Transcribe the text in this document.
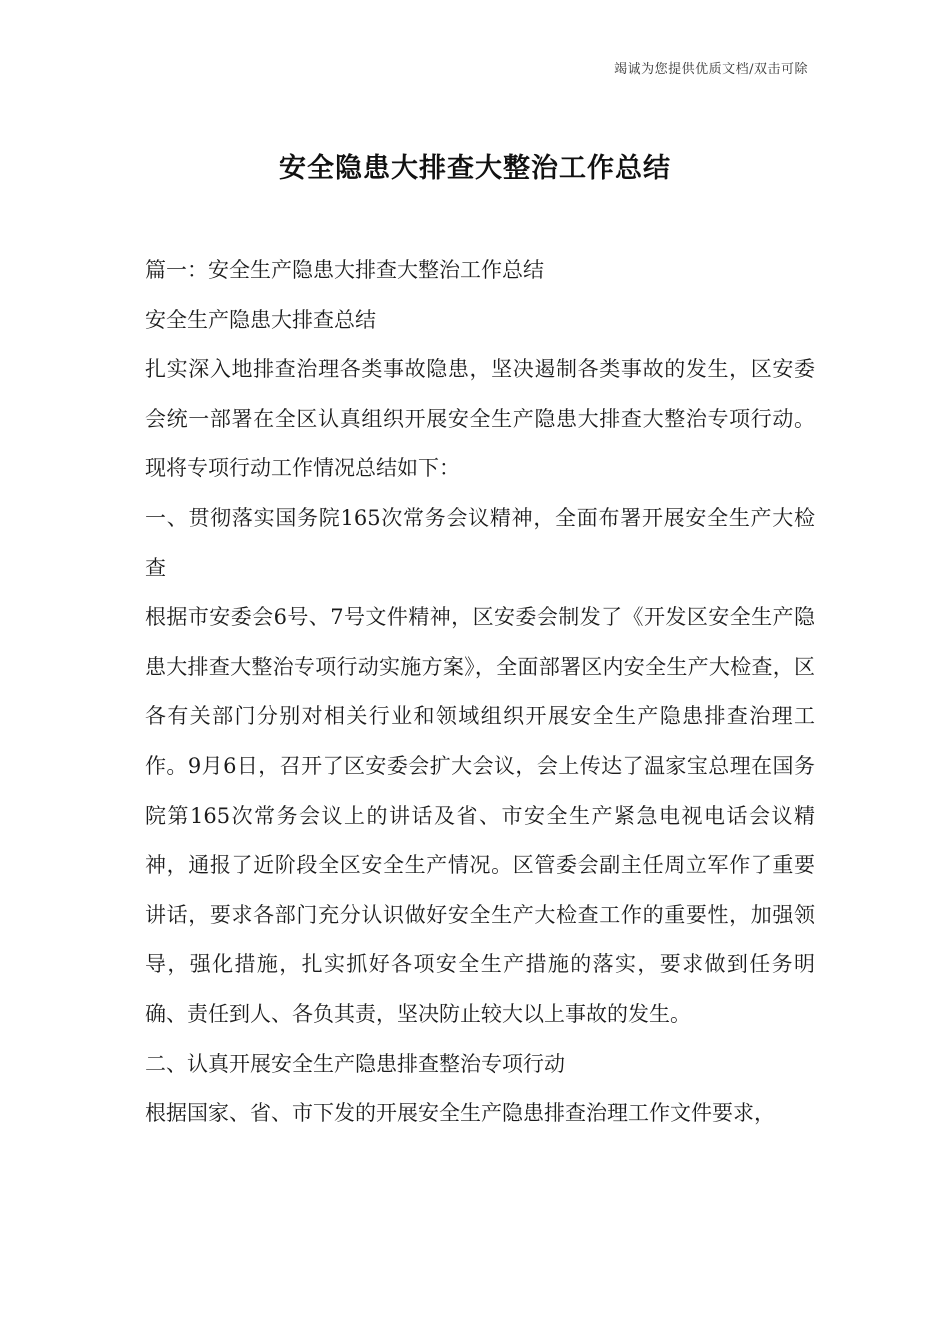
竭诚为您提供优质文档/双击可除
安全隐患大排查大整治工作总结

篇一：安全生产隐患大排查大整治工作总结

安全生产隐患大排查总结

扎实深入地排查治理各类事故隐患，坚决遏制各类事故的发生，区安委会统一部署在全区认真组织开展安全生产隐患大排查大整治专项行动。现将专项行动工作情况总结如下：

一、贯彻落实国务院165次常务会议精神，全面布署开展安全生产大检查

根据市安委会6号、7号文件精神，区安委会制发了《开发区安全生产隐患大排查大整治专项行动实施方案》，全面部署区内安全生产大检查，区各有关部门分别对相关行业和领域组织开展安全生产隐患排查治理工作。9月6日，召开了区安委会扩大会议，会上传达了温家宝总理在国务院第165次常务会议上的讲话及省、市安全生产紧急电视电话会议精神，通报了近阶段全区安全生产情况。区管委会副主任周立军作了重要讲话，要求各部门充分认识做好安全生产大检查工作的重要性，加强领导，强化措施，扎实抓好各项安全生产措施的落实，要求做到任务明确、责任到人、各负其责，坚决防止较大以上事故的发生。

二、认真开展安全生产隐患排查整治专项行动

根据国家、省、市下发的开展安全生产隐患排查治理工作文件要求，
